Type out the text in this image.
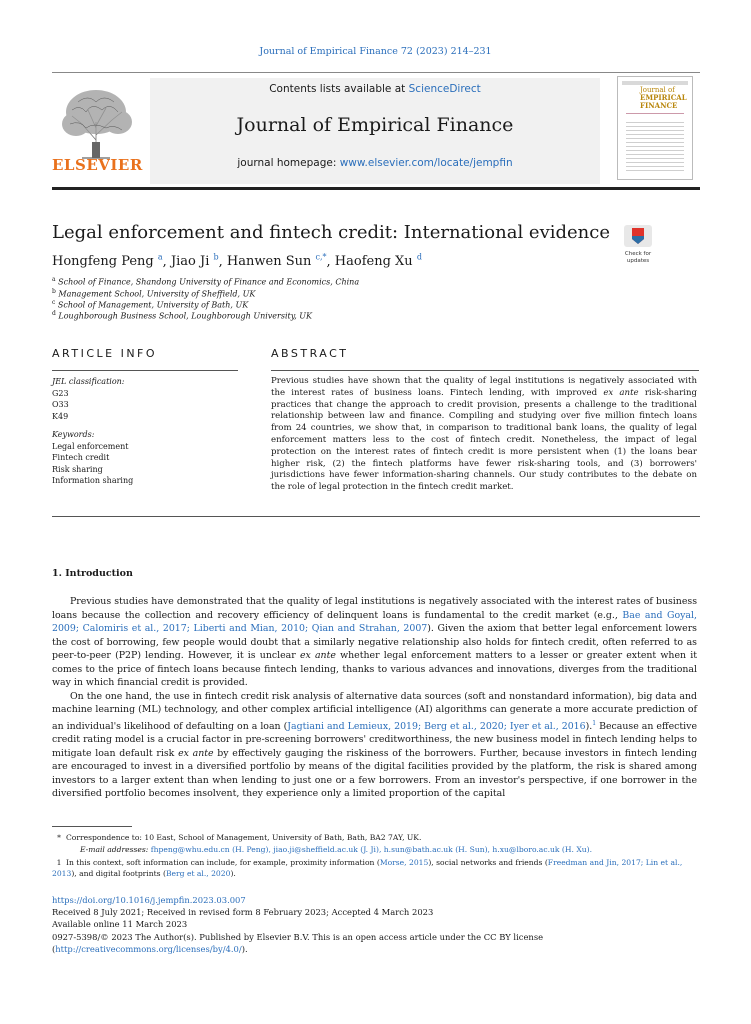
Journal of Empirical Finance 72 (2023) 214–231
ELSEVIER
Contents lists available at ScienceDirect
Journal of Empirical Finance
journal homepage: www.elsevier.com/locate/jempfin
Journal of
EMPIRICAL
FINANCE
Legal enforcement and fintech credit: International evidence
Check for
updates
Hongfeng Peng $^a$, Jiao Ji $^b$, Hanwen Sun $^{c,*}$, Haofeng Xu $^d$
$^a$ School of Finance, Shandong University of Finance and Economics, China
$^b$ Management School, University of Sheffield, UK
$^c$ School of Management, University of Bath, UK
$^d$ Loughborough Business School, Loughborough University, UK
ARTICLE INFO	ABSTRACT
JEL classification:
G23
O33
K49
Keywords:
Legal enforcement
Fintech credit
Risk sharing
Information sharing
Previous studies have shown that the quality of legal institutions is negatively associated with the interest rates of business loans. Fintech lending, with improved ex ante risk-sharing practices that change the approach to credit provision, presents a challenge to the traditional relationship between law and finance. Compiling and studying over five million fintech loans from 24 countries, we show that, in comparison to traditional bank loans, the quality of legal enforcement matters less to the cost of fintech credit. Nonetheless, the impact of legal protection on the interest rates of fintech credit is more persistent when (1) the loans bear higher risk, (2) the fintech platforms have fewer risk-sharing tools, and (3) borrowers' jurisdictions have fewer information-sharing channels. Our study contributes to the debate on the role of legal protection in the fintech credit market.
1. Introduction

Previous studies have demonstrated that the quality of legal institutions is negatively associated with the interest rates of business loans because the collection and recovery efficiency of delinquent loans is fundamental to the credit market (e.g., Bae and Goyal, 2009; Calomiris et al., 2017; Liberti and Mian, 2010; Qian and Strahan, 2007). Given the axiom that better legal enforcement lowers the cost of borrowing, few people would doubt that a similarly negative relationship also holds for fintech credit, often referred to as peer-to-peer (P2P) lending. However, it is unclear ex ante whether legal enforcement matters to a lesser or greater extent when it comes to the price of fintech loans because fintech lending, thanks to various advances and innovations, diverges from the traditional way in which financial credit is provided.

On the one hand, the use in fintech credit risk analysis of alternative data sources (soft and nonstandard information), big data and machine learning (ML) technology, and other complex artificial intelligence (AI) algorithms can generate a more accurate prediction of an individual's likelihood of defaulting on a loan (Jagtiani and Lemieux, 2019; Berg et al., 2020; Iyer et al., 2016).$^1$ Because an effective credit rating model is a crucial factor in pre-screening borrowers' creditworthiness, the new business model in fintech lending helps to mitigate loan default risk ex ante by effectively gauging the riskiness of the borrowers. Further, because investors in fintech lending are encouraged to invest in a diversified portfolio by means of the digital facilities provided by the platform, the risk is shared among investors to a larger extent than when lending to just one or a few borrowers. From an investor's perspective, if one borrower in the diversified portfolio becomes insolvent, they experience only a limited proportion of the capital

* Correspondence to: 10 East, School of Management, University of Bath, Bath, BA2 7AY, UK.
E-mail addresses: fhpeng@whu.edu.cn (H. Peng), jiao.ji@sheffield.ac.uk (J. Ji), h.sun@bath.ac.uk (H. Sun), h.xu@lboro.ac.uk (H. Xu).
1 In this context, soft information can include, for example, proximity information (Morse, 2015), social networks and friends (Freedman and Jin, 2017; Lin et al., 2013), and digital footprints (Berg et al., 2020).
https://doi.org/10.1016/j.jempfin.2023.03.007
Received 8 July 2021; Received in revised form 8 February 2023; Accepted 4 March 2023
Available online 11 March 2023
0927-5398/© 2023 The Author(s). Published by Elsevier B.V. This is an open access article under the CC BY license
(http://creativecommons.org/licenses/by/4.0/).
